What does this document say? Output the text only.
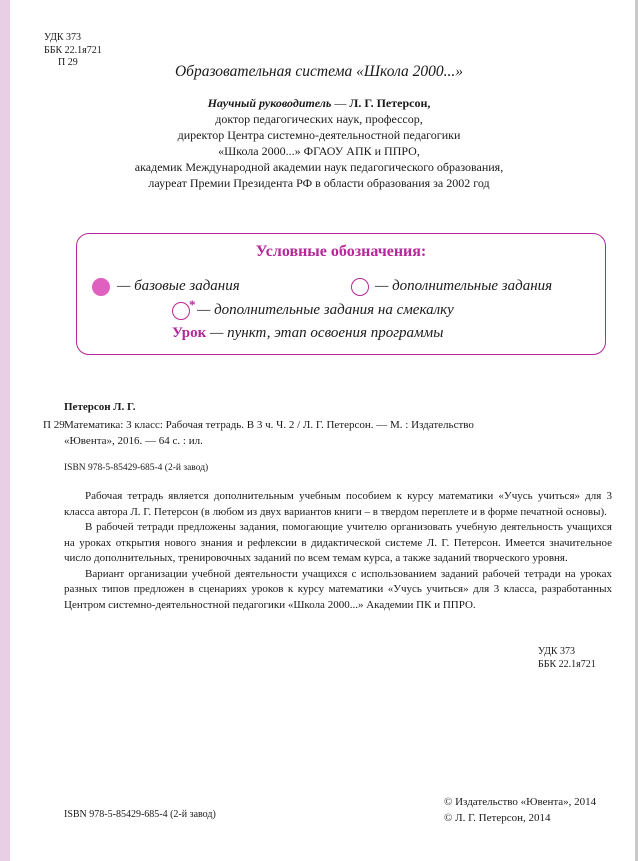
УДК 373
ББК 22.1я721
П 29
Образовательная система «Школа 2000...»
Научный руководитель — Л. Г. Петерсон,
доктор педагогических наук, профессор,
директор Центра системно-деятельностной педагогики
«Школа 2000...» ФГАОУ АПК и ППРО,
академик Международной академии наук педагогического образования,
лауреат Премии Президента РФ в области образования за 2002 год
Условные обозначения:
— базовые задания	— дополнительные задания
* — дополнительные задания на смекалку
Урок — пункт, этап освоения программы
Петерсон Л. Г.
П 29 Математика: 3 класс: Рабочая тетрадь. В 3 ч. Ч. 2 / Л. Г. Петерсон. — М. : Издательство
«Ювента», 2016. — 64 с. : ил.
ISBN 978-5-85429-685-4 (2-й завод)

Рабочая тетрадь является дополнительным учебным пособием к курсу математики «Учусь учиться» для 3 класса автора Л. Г. Петерсон (в любом из двух вариантов книги – в твердом переплете и в форме печатной основы).

В рабочей тетради предложены задания, помогающие учителю организовать учебную деятельность учащихся на уроках открытия нового знания и рефлексии в дидактической системе Л. Г. Петерсон. Имеется значительное число дополнительных, тренировочных заданий по всем темам курса, а также заданий творческого уровня.

Вариант организации учебной деятельности учащихся с использованием заданий рабочей тетради на уроках разных типов предложен в сценариях уроков к курсу математики «Учусь учиться» для 3 класса, разработанных Центром системно-деятельностной педагогики «Школа 2000...» Академии ПК и ППРО.

УДК 373
ББК 22.1я721
© Издательство «Ювента», 2014
© Л. Г. Петерсон, 2014
ISBN 978-5-85429-685-4 (2-й завод)
